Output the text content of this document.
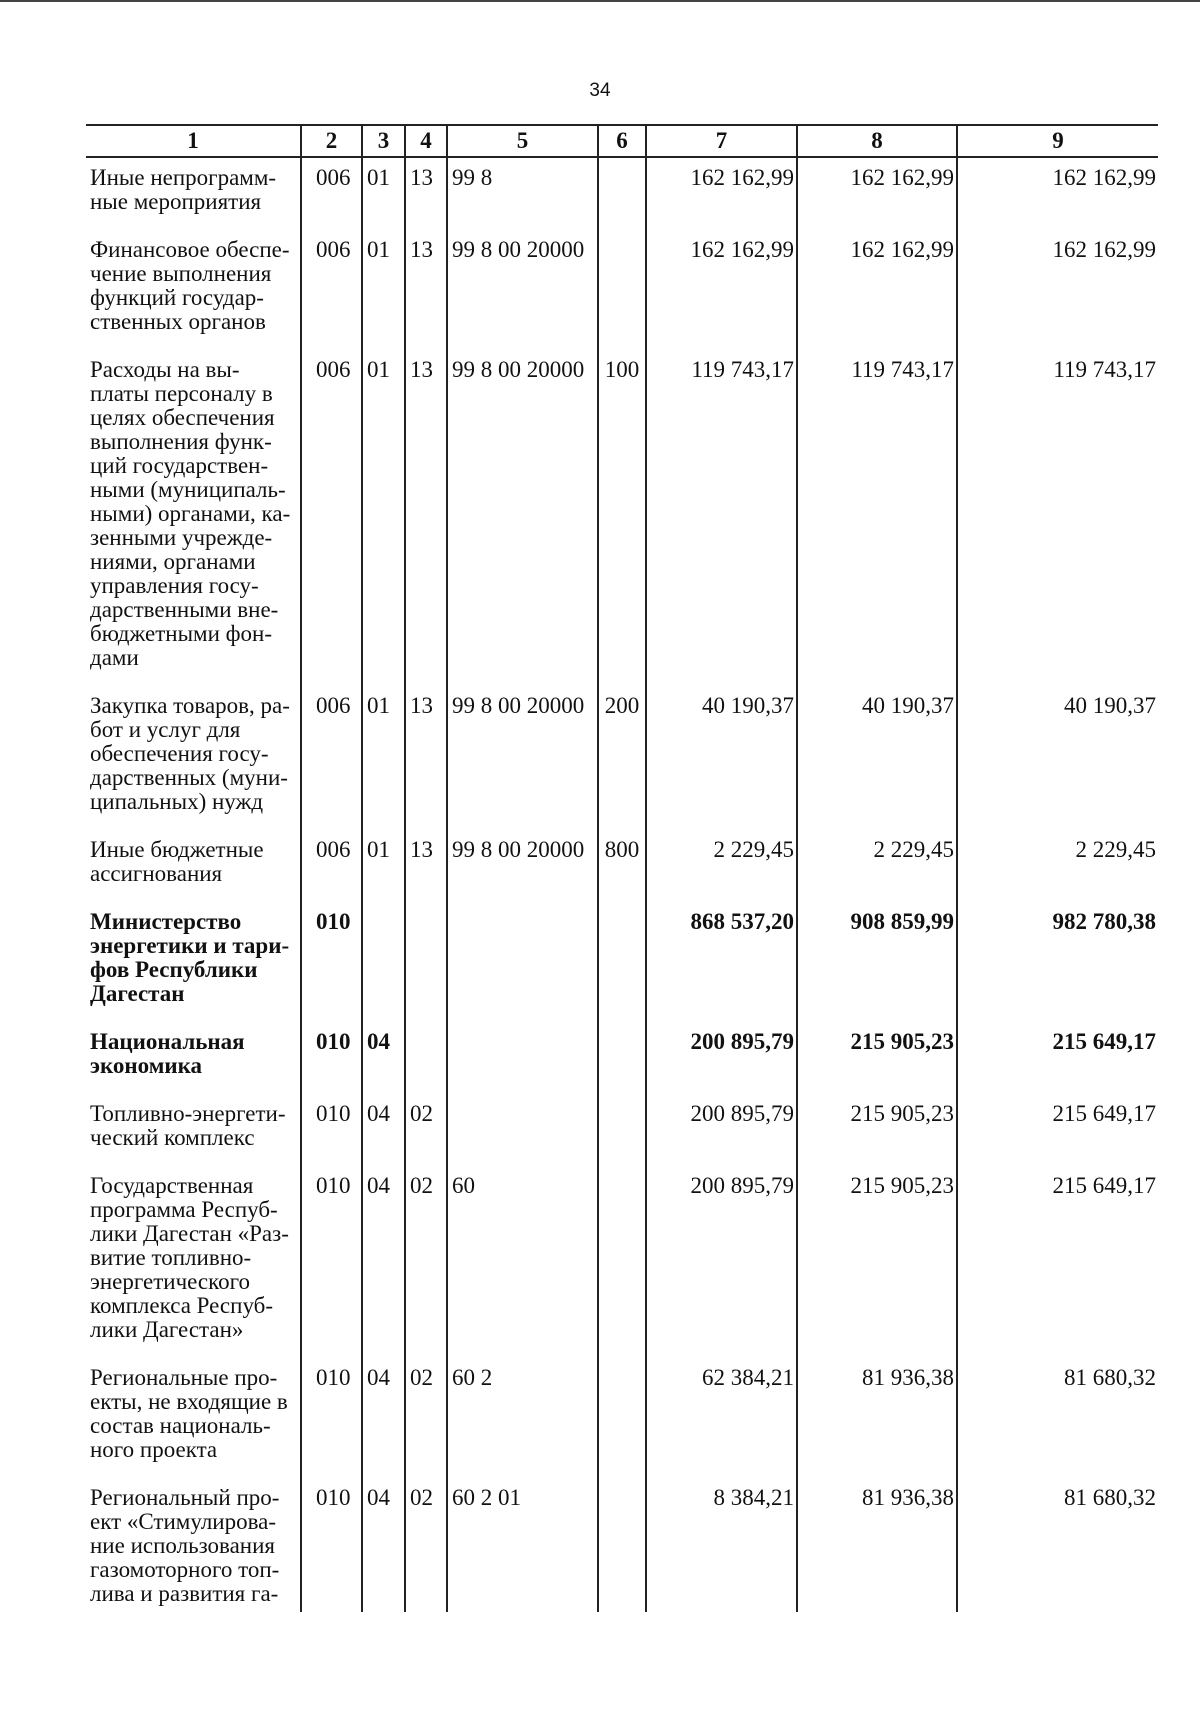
34
1	2	3	4	5	6	7	8	9
Иные непрограмм-ные мероприятия	006	01	13	99 8		162 162,99	162 162,99	162 162,99
Финансовое обеспе-чение выполнения функций государ-ственных органов	006	01	13	99 8 00 20000		162 162,99	162 162,99	162 162,99
Расходы на вы-платы персоналу в целях обеспечения выполнения функ-ций государствен-ными (муниципаль-ными) органами, ка-зенными учрежде-ниями, органами управления госу-дарственными вне-бюджетными фон-дами	006	01	13	99 8 00 20000	100	119 743,17	119 743,17	119 743,17
Закупка товаров, ра-бот и услуг для обеспечения госу-дарственных (муни-ципальных) нужд	006	01	13	99 8 00 20000	200	40 190,37	40 190,37	40 190,37
Иные бюджетные ассигнования	006	01	13	99 8 00 20000	800	2 229,45	2 229,45	2 229,45
Министерство энергетики и тари-фов Республики Дагестан	010					868 537,20	908 859,99	982 780,38
Национальная экономика	010	04				200 895,79	215 905,23	215 649,17
Топливно-энергети-ческий комплекс	010	04	02			200 895,79	215 905,23	215 649,17
Государственная программа Респуб-лики Дагестан «Раз-витие топливно-энергетического комплекса Респуб-лики Дагестан»	010	04	02	60		200 895,79	215 905,23	215 649,17
Региональные про-екты, не входящие в состав националь-ного проекта	010	04	02	60 2		62 384,21	81 936,38	81 680,32
Региональный про-ект «Стимулирова-ние использования газомоторного топ-лива и развития га-	010	04	02	60 2 01		8 384,21	81 936,38	81 680,32
